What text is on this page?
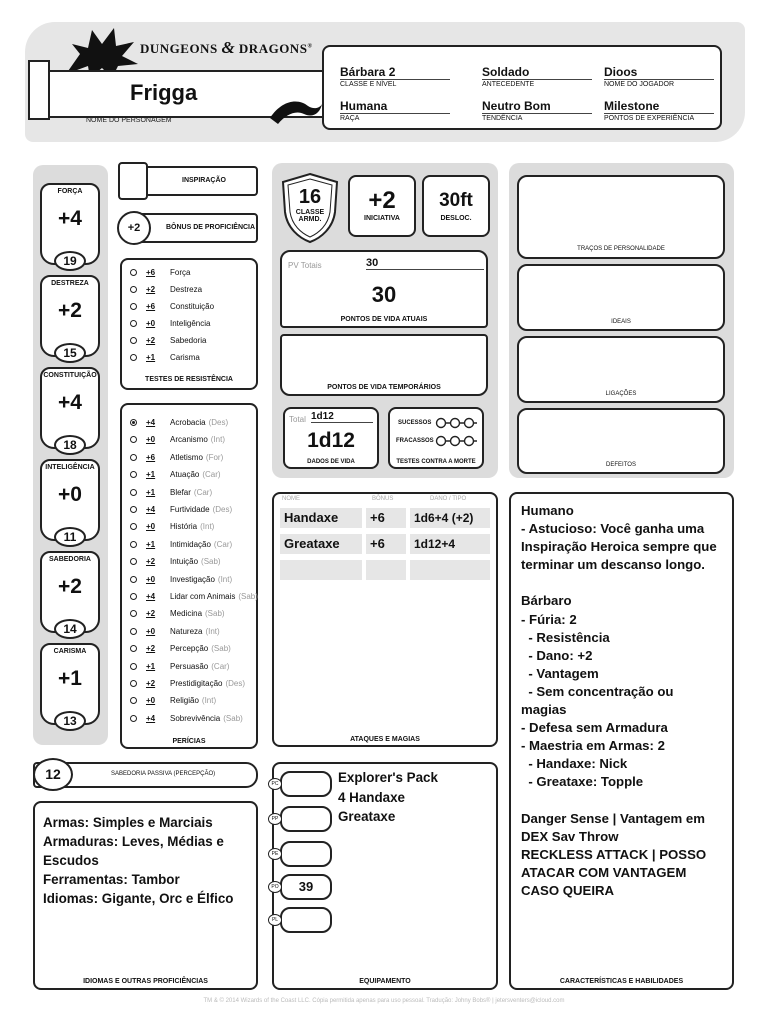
DUNGEONS & DRAGONS®
Frigga
NOME DO PERSONAGEM
Bárbara 2
CLASSE E NÍVEL
Soldado
ANTECEDENTE
Dioos
NOME DO JOGADOR
Humana
RAÇA
Neutro Bom
TENDÊNCIA
Milestone
PONTOS DE EXPERIÊNCIA
FORÇA
+4
19
DESTREZA
+2
15
CONSTITUIÇÃO
+4
18
INTELIGÊNCIA
+0
11
SABEDORIA
+2
14
CARISMA
+1
13
INSPIRAÇÃO
BÔNUS DE PROFICIÊNCIA
+2
+6	Força
+2	Destreza
+6	Constituição
+0	Inteligência
+2	Sabedoria
+1	Carisma
TESTES DE RESISTÊNCIA
+4	Acrobacia (Des)
+0	Arcanismo (Int)
+6	Atletismo (For)
+1	Atuação (Car)
+1	Blefar (Car)
+4	Furtividade (Des)
+0	História (Int)
+1	Intimidação (Car)
+2	Intuição (Sab)
+0	Investigação (Int)
+4	Lidar com Animais (Sab)
+2	Medicina (Sab)
+0	Natureza (Int)
+2	Percepção (Sab)
+1	Persuasão (Car)
+2	Prestidigitação (Des)
+0	Religião (Int)
+4	Sobrevivência (Sab)
PERÍCIAS
16
CLASSE
ARMD.
+2
INICIATIVA
30ft
DESLOC.
PV Totais	30
30
PONTOS DE VIDA ATUAIS
PONTOS DE VIDA TEMPORÁRIOS
Total 1d12
1d12
DADOS DE VIDA
SUCESSOS
FRACASSOS
TESTES CONTRA A MORTE
TRAÇOS DE PERSONALIDADE
IDEAIS
LIGAÇÕES
DEFEITOS
NOME	BÔNUS	DANO / TIPO
Handaxe	+6	1d6+4 (+2)
Greataxe	+6	1d12+4
ATAQUES E MAGIAS
Humano
- Astucioso: Você ganha uma Inspiração Heroica sempre que terminar um descanso longo.

Bárbaro
- Fúria: 2
- Resistência
- Dano: +2
- Vantagem
- Sem concentração ou magias
- Defesa sem Armadura
- Maestria em Armas: 2
- Handaxe: Nick
- Greataxe: Topple

Danger Sense | Vantagem em DEX Sav Throw
RECKLESS ATTACK | POSSO ATACAR COM VANTAGEM CASO QUEIRA
CARACTERÍSTICAS E HABILIDADES
SABEDORIA PASSIVA (PERCEPÇÃO)
12
Armas: Simples e Marciais
Armaduras: Leves, Médias e Escudos
Ferramentas: Tambor
Idiomas: Gigante, Orc e Élfico
IDIOMAS E OUTRAS PROFICIÊNCIAS	EQUIPAMENTO
Explorer's Pack
4 Handaxe
Greataxe
PC
PP
PE
39
PO
PL
TM & © 2014 Wizards of the Coast LLC. Cópia permitida apenas para uso pessoal. Tradução: Johny Bobs® | jetersventers@icloud.com
